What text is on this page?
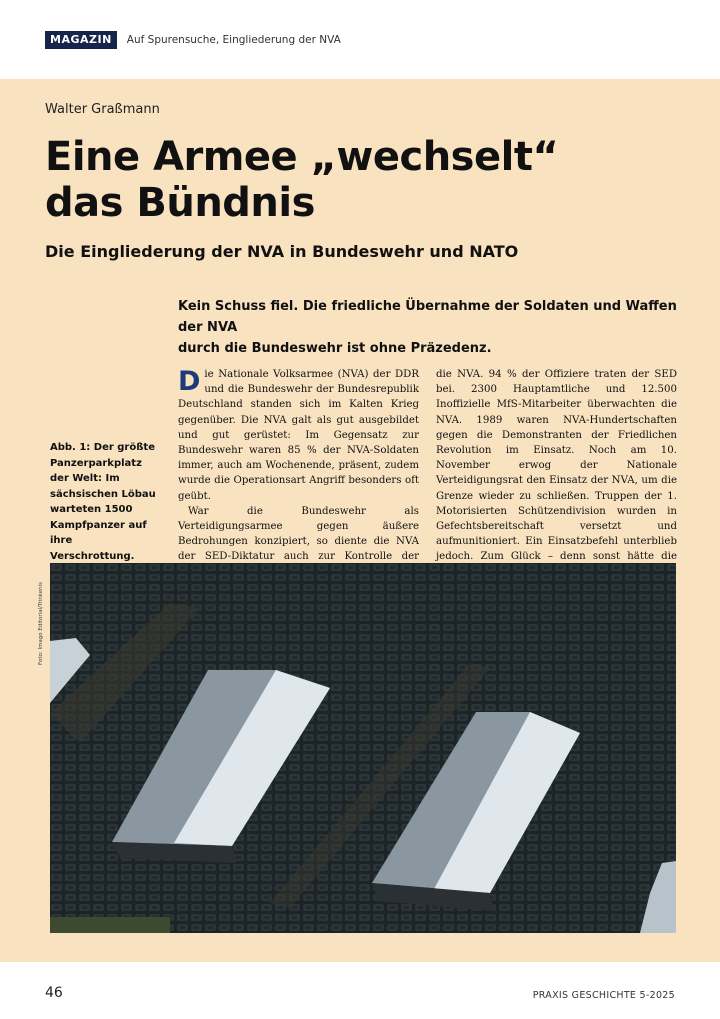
MAGAZIN	Auf Spurensuche, Eingliederung der NVA
Walter Graßmann
Eine Armee „wechselt“
das Bündnis
Die Eingliederung der NVA in Bundeswehr und NATO
Kein Schuss fiel. Die friedliche Übernahme der Soldaten und Waffen der NVA
durch die Bundeswehr ist ohne Präzedenz.
Abb. 1: Der größte Panzerparkplatz der Welt: Im sächsischen Löbau warteten 1500 Kampfpanzer auf ihre Verschrottung.

Die Nationale Volksarmee (NVA) der DDR und die Bundeswehr der Bundesrepublik Deutschland standen sich im Kalten Krieg gegenüber. Die NVA galt als gut ausgebildet und gut gerüstet: Im Gegensatz zur Bundeswehr waren 85 % der NVA-Soldaten immer, auch am Wochenende, präsent, zudem wurde die Operationsart Angriff besonders oft geübt.

War die Bundeswehr als Verteidigungsarmee gegen äußere Bedrohungen konzipiert, so diente die NVA der SED-Diktatur auch zur Kontrolle der

die NVA. 94 % der Offiziere traten der SED bei. 2300 Hauptamtliche und 12.500 Inoffizielle MfS-Mitarbeiter überwachten die NVA. 1989 waren NVA-Hundertschaften gegen die Demonstranten der Friedlichen Revolution im Einsatz. Noch am 10. November erwog der Nationale Verteidigungsrat den Einsatz der NVA, um die Grenze wieder zu schließen. Truppen der 1. Motorisierten Schützendivision wurden in Gefechtsbereitschaft versetzt und aufmunitioniert. Ein Einsatzbefehl unterblieb jedoch. Zum Glück – denn sonst hätte die

Foto: Imago Editorial/Trinkenis
46	PRAXIS GESCHICHTE 5-2025
